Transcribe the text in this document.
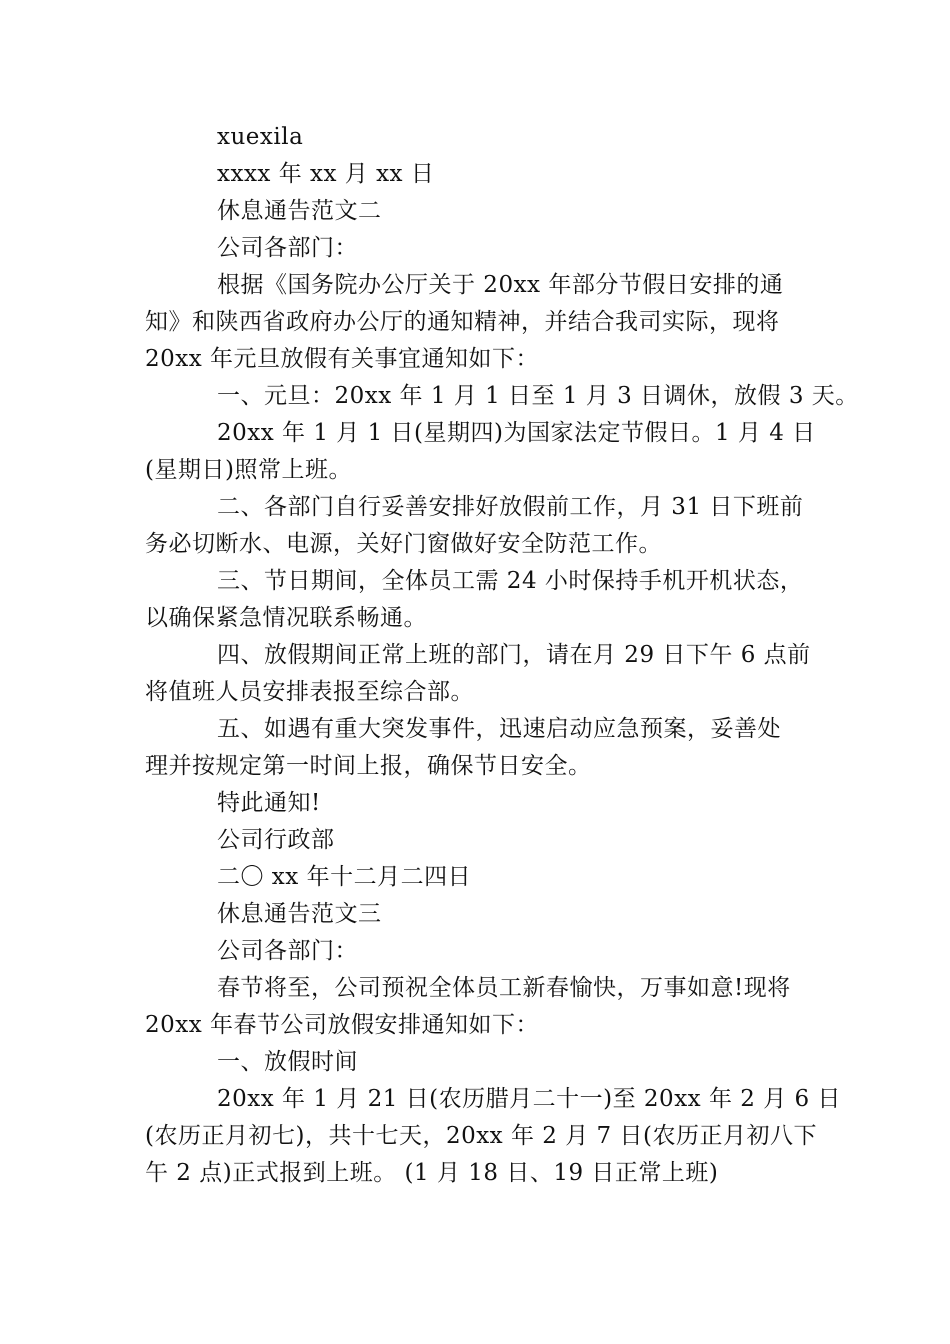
xuexila
xxxx 年 xx 月 xx 日
休息通告范文二
公司各部门：
根据《国务院办公厅关于 20xx 年部分节假日安排的通
知》和陕西省政府办公厅的通知精神，并结合我司实际，现将
20xx 年元旦放假有关事宜通知如下：
一、元旦：20xx 年 1 月 1 日至 1 月 3 日调休，放假 3 天。
20xx 年 1 月 1 日(星期四)为国家法定节假日。1 月 4 日
(星期日)照常上班。
二、各部门自行妥善安排好放假前工作，月 31 日下班前
务必切断水、电源，关好门窗做好安全防范工作。
三、节日期间，全体员工需 24 小时保持手机开机状态，
以确保紧急情况联系畅通。
四、放假期间正常上班的部门，请在月 29 日下午 6 点前
将值班人员安排表报至综合部。
五、如遇有重大突发事件，迅速启动应急预案，妥善处
理并按规定第一时间上报，确保节日安全。
特此通知!
公司行政部
二〇 xx 年十二月二四日
休息通告范文三
公司各部门：
春节将至，公司预祝全体员工新春愉快，万事如意!现将
20xx 年春节公司放假安排通知如下：
一、放假时间
20xx 年 1 月 21 日(农历腊月二十一)至 20xx 年 2 月 6 日
(农历正月初七)，共十七天，20xx 年 2 月 7 日(农历正月初八下
午 2 点)正式报到上班。 (1 月 18 日、19 日正常上班)
